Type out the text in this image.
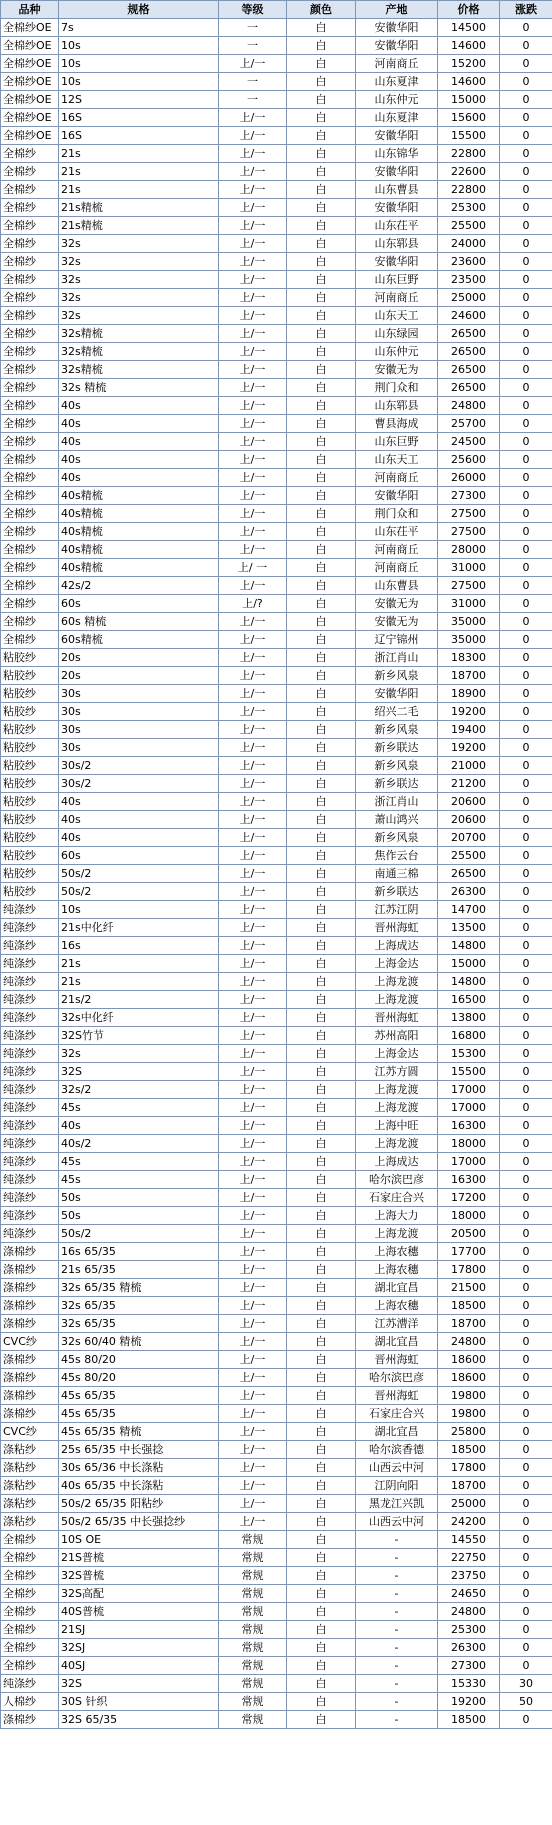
品种	规格	等级	颜色	产地	价格	涨跌
全棉纱OE	7s	一	白	安徽华阳	14500	0
全棉纱OE	10s	一	白	安徽华阳	14600	0
全棉纱OE	10s	上/一	白	河南商丘	15200	0
全棉纱OE	10s	一	白	山东夏津	14600	0
全棉纱OE	12S	一	白	山东仲元	15000	0
全棉纱OE	16S	上/一	白	山东夏津	15600	0
全棉纱OE	16S	上/一	白	安徽华阳	15500	0
全棉纱	21s	上/一	白	山东锦华	22800	0
全棉纱	21s	上/一	白	安徽华阳	22600	0
全棉纱	21s	上/一	白	山东曹县	22800	0
全棉纱	21s精梳	上/一	白	安徽华阳	25300	0
全棉纱	21s精梳	上/一	白	山东茌平	25500	0
全棉纱	32s	上/一	白	山东郓县	24000	0
全棉纱	32s	上/一	白	安徽华阳	23600	0
全棉纱	32s	上/一	白	山东巨野	23500	0
全棉纱	32s	上/一	白	河南商丘	25000	0
全棉纱	32s	上/一	白	山东天工	24600	0
全棉纱	32s精梳	上/一	白	山东绿园	26500	0
全棉纱	32s精梳	上/一	白	山东仲元	26500	0
全棉纱	32s精梳	上/一	白	安徽无为	26500	0
全棉纱	32s 精梳	上/一	白	荆门众和	26500	0
全棉纱	40s	上/一	白	山东郓县	24800	0
全棉纱	40s	上/一	白	曹县海成	25700	0
全棉纱	40s	上/一	白	山东巨野	24500	0
全棉纱	40s	上/一	白	山东天工	25600	0
全棉纱	40s	上/一	白	河南商丘	26000	0
全棉纱	40s精梳	上/一	白	安徽华阳	27300	0
全棉纱	40s精梳	上/一	白	荆门众和	27500	0
全棉纱	40s精梳	上/一	白	山东茌平	27500	0
全棉纱	40s精梳	上/一	白	河南商丘	28000	0
全棉纱	40s精梳	上/ 一	白	河南商丘	31000	0
全棉纱	42s/2	上/一	白	山东曹县	27500	0
全棉纱	60s	上/?	白	安徽无为	31000	0
全棉纱	60s 精梳	上/一	白	安徽无为	35000	0
全棉纱	60s精梳	上/一	白	辽宁锦州	35000	0
粘胶纱	20s	上/一	白	浙江肖山	18300	0
粘胶纱	20s	上/一	白	新乡风泉	18700	0
粘胶纱	30s	上/一	白	安徽华阳	18900	0
粘胶纱	30s	上/一	白	绍兴二毛	19200	0
粘胶纱	30s	上/一	白	新乡风泉	19400	0
粘胶纱	30s	上/一	白	新乡联达	19200	0
粘胶纱	30s/2	上/一	白	新乡风泉	21000	0
粘胶纱	30s/2	上/一	白	新乡联达	21200	0
粘胶纱	40s	上/一	白	浙江肖山	20600	0
粘胶纱	40s	上/一	白	萧山鸿兴	20600	0
粘胶纱	40s	上/一	白	新乡风泉	20700	0
粘胶纱	60s	上/一	白	焦作云台	25500	0
粘胶纱	50s/2	上/一	白	南通三棉	26500	0
粘胶纱	50s/2	上/一	白	新乡联达	26300	0
纯涤纱	10s	上/一	白	江苏江阴	14700	0
纯涤纱	21s中化纤	上/一	白	晋州海虹	13500	0
纯涤纱	16s	上/一	白	上海成达	14800	0
纯涤纱	21s	上/一	白	上海金达	15000	0
纯涤纱	21s	上/一	白	上海龙渡	14800	0
纯涤纱	21s/2	上/一	白	上海龙渡	16500	0
纯涤纱	32s中化纤	上/一	白	晋州海虹	13800	0
纯涤纱	32S竹节	上/一	白	苏州高阳	16800	0
纯涤纱	32s	上/一	白	上海金达	15300	0
纯涤纱	32S	上/一	白	江苏方圆	15500	0
纯涤纱	32s/2	上/一	白	上海龙渡	17000	0
纯涤纱	45s	上/一	白	上海龙渡	17000	0
纯涤纱	40s	上/一	白	上海中旺	16300	0
纯涤纱	40s/2	上/一	白	上海龙渡	18000	0
纯涤纱	45s	上/一	白	上海成达	17000	0
纯涤纱	45s	上/一	白	哈尔滨巴彦	16300	0
纯涤纱	50s	上/一	白	石家庄合兴	17200	0
纯涤纱	50s	上/一	白	上海大力	18000	0
纯涤纱	50s/2	上/一	白	上海龙渡	20500	0
涤棉纱	16s 65/35	上/一	白	上海农穗	17700	0
涤棉纱	21s 65/35	上/一	白	上海农穗	17800	0
涤棉纱	32s 65/35 精梳	上/一	白	湖北宜昌	21500	0
涤棉纱	32s 65/35	上/一	白	上海农穗	18500	0
涤棉纱	32s 65/35	上/一	白	江苏漕洋	18700	0
CVC纱	32s 60/40 精梳	上/一	白	湖北宜昌	24800	0
涤棉纱	45s 80/20	上/一	白	晋州海虹	18600	0
涤棉纱	45s 80/20	上/一	白	哈尔滨巴彦	18600	0
涤棉纱	45s 65/35	上/一	白	晋州海虹	19800	0
涤棉纱	45s 65/35	上/一	白	石家庄合兴	19800	0
CVC纱	45s 65/35 精梳	上/一	白	湖北宜昌	25800	0
涤粘纱	25s 65/35 中长强捻	上/一	白	哈尔滨香德	18500	0
涤粘纱	30s 65/36 中长涤粘	上/一	白	山西云中河	17800	0
涤粘纱	40s 65/35 中长涤粘	上/一	白	江阴向阳	18700	0
涤粘纱	50s/2 65/35 阳粘纱	上/一	白	黑龙江兴凯	25000	0
涤粘纱	50s/2 65/35 中长强捻纱	上/一	白	山西云中河	24200	0
全棉纱	10S OE	常规	白	-	14550	0
全棉纱	21S普梳	常规	白	-	22750	0
全棉纱	32S普梳	常规	白	-	23750	0
全棉纱	32S高配	常规	白	-	24650	0
全棉纱	40S普梳	常规	白	-	24800	0
全棉纱	21SJ	常规	白	-	25300	0
全棉纱	32SJ	常规	白	-	26300	0
全棉纱	40SJ	常规	白	-	27300	0
纯涤纱	32S	常规	白	-	15330	30
人棉纱	30S 针织	常规	白	-	19200	50
涤棉纱	32S 65/35	常规	白	-	18500	0
